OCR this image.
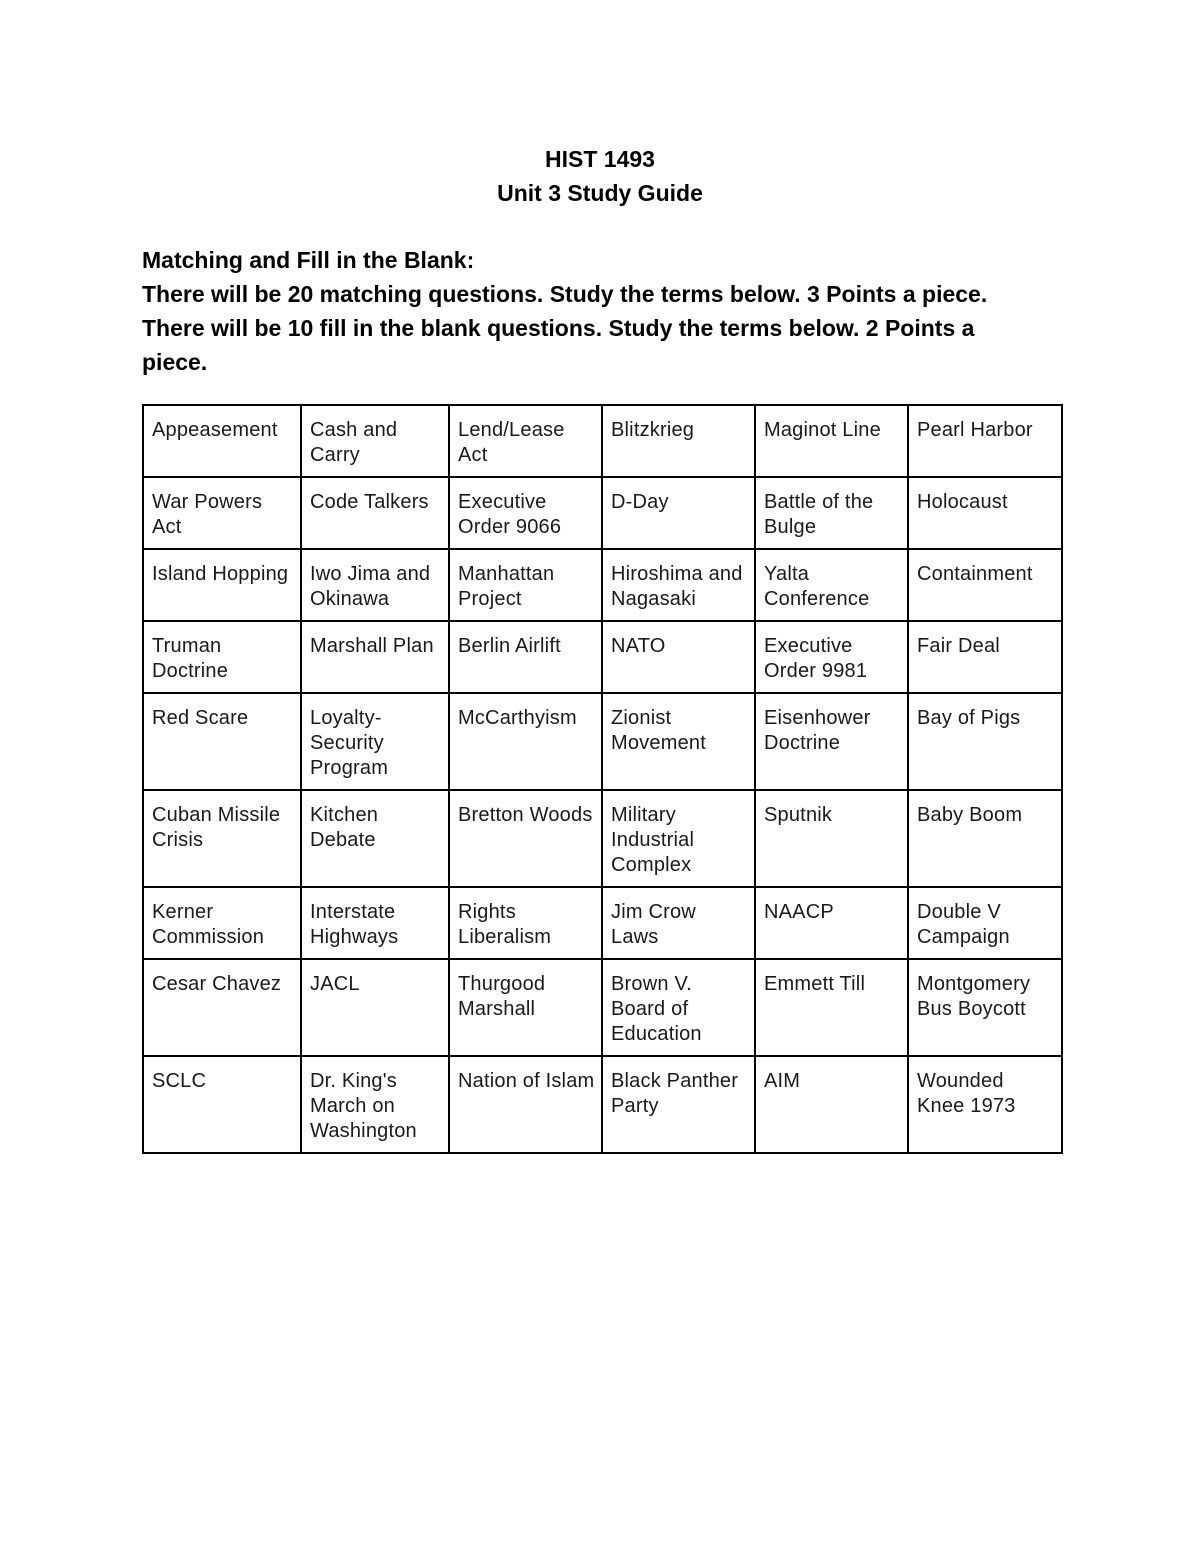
HIST 1493
Unit 3 Study Guide
Matching and Fill in the Blank:
There will be 20 matching questions. Study the terms below. 3 Points a piece.
There will be 10 fill in the blank questions. Study the terms below. 2 Points a piece.
Appeasement	Cash and Carry	Lend/Lease Act	Blitzkrieg	Maginot Line	Pearl Harbor
War Powers Act	Code Talkers	Executive Order 9066	D-Day	Battle of the Bulge	Holocaust
Island Hopping	Iwo Jima and Okinawa	Manhattan Project	Hiroshima and Nagasaki	Yalta Conference	Containment
Truman Doctrine	Marshall Plan	Berlin Airlift	NATO	Executive Order 9981	Fair Deal
Red Scare	Loyalty-Security Program	McCarthyism	Zionist Movement	Eisenhower Doctrine	Bay of Pigs
Cuban Missile Crisis	Kitchen Debate	Bretton Woods	Military Industrial Complex	Sputnik	Baby Boom
Kerner Commission	Interstate Highways	Rights Liberalism	Jim Crow Laws	NAACP	Double V Campaign
Cesar Chavez	JACL	Thurgood Marshall	Brown V. Board of Education	Emmett Till	Montgomery Bus Boycott
SCLC	Dr. King's March on Washington	Nation of Islam	Black Panther Party	AIM	Wounded Knee 1973
